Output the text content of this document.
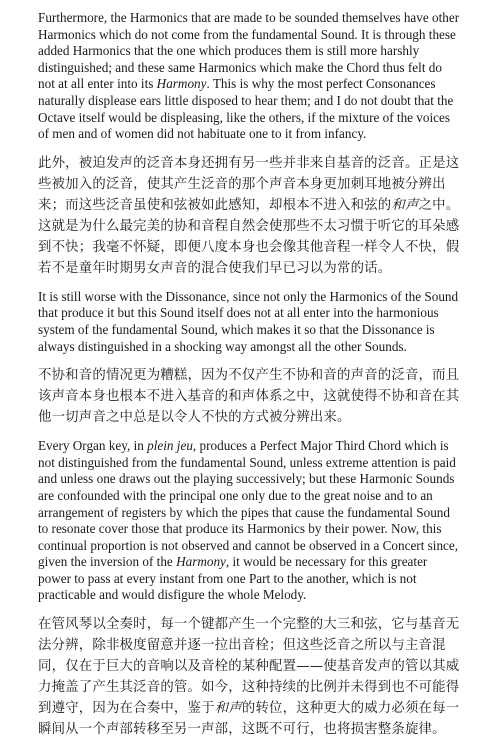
Furthermore, the Harmonics that are made to be sounded themselves have other Harmonics which do not come from the fundamental Sound. It is through these added Harmonics that the one which produces them is still more harshly distinguished; and these same Harmonics which make the Chord thus felt do not at all enter into its Harmony. This is why the most perfect Consonances naturally displease ears little disposed to hear them; and I do not doubt that the Octave itself would be displeasing, like the others, if the mixture of the voices of men and of women did not habituate one to it from infancy.

此外，被迫发声的泛音本身还拥有另一些并非来自基音的泛音。正是这些被加入的泛音，使其产生泛音的那个声音本身更加刺耳地被分辨出来；而这些泛音虽使和弦被如此感知，却根本不进入和弦的和声之中。这就是为什么最完美的协和音程自然会使那些不太习惯于听它的耳朵感到不快；我毫不怀疑，即便八度本身也会像其他音程一样令人不快，假若不是童年时期男女声音的混合使我们早已习以为常的话。

It is still worse with the Dissonance, since not only the Harmonics of the Sound that produce it but this Sound itself does not at all enter into the harmonious system of the fundamental Sound, which makes it so that the Dissonance is always distinguished in a shocking way amongst all the other Sounds.

不协和音的情况更为糟糕，因为不仅产生不协和音的声音的泛音，而且该声音本身也根本不进入基音的和声体系之中，这就使得不协和音在其他一切声音之中总是以令人不快的方式被分辨出来。

Every Organ key, in plein jeu, produces a Perfect Major Third Chord which is not distinguished from the fundamental Sound, unless extreme attention is paid and unless one draws out the playing successively; but these Harmonic Sounds are confounded with the principal one only due to the great noise and to an arrangement of registers by which the pipes that cause the fundamental Sound to resonate cover those that produce its Harmonics by their power. Now, this continual proportion is not observed and cannot be observed in a Concert since, given the inversion of the Harmony, it would be necessary for this greater power to pass at every instant from one Part to the another, which is not practicable and would disfigure the whole Melody.

在管风琴以全奏时，每一个键都产生一个完整的大三和弦，它与基音无法分辨，除非极度留意并逐一拉出音栓；但这些泛音之所以与主音混同，仅在于巨大的音响以及音栓的某种配置——使基音发声的管以其威力掩盖了产生其泛音的管。如今，这种持续的比例并未得到也不可能得到遵守，因为在合奏中，鉴于和声的转位，这种更大的威力必须在每一瞬间从一个声部转移至另一声部，这既不可行，也将损害整条旋律。
